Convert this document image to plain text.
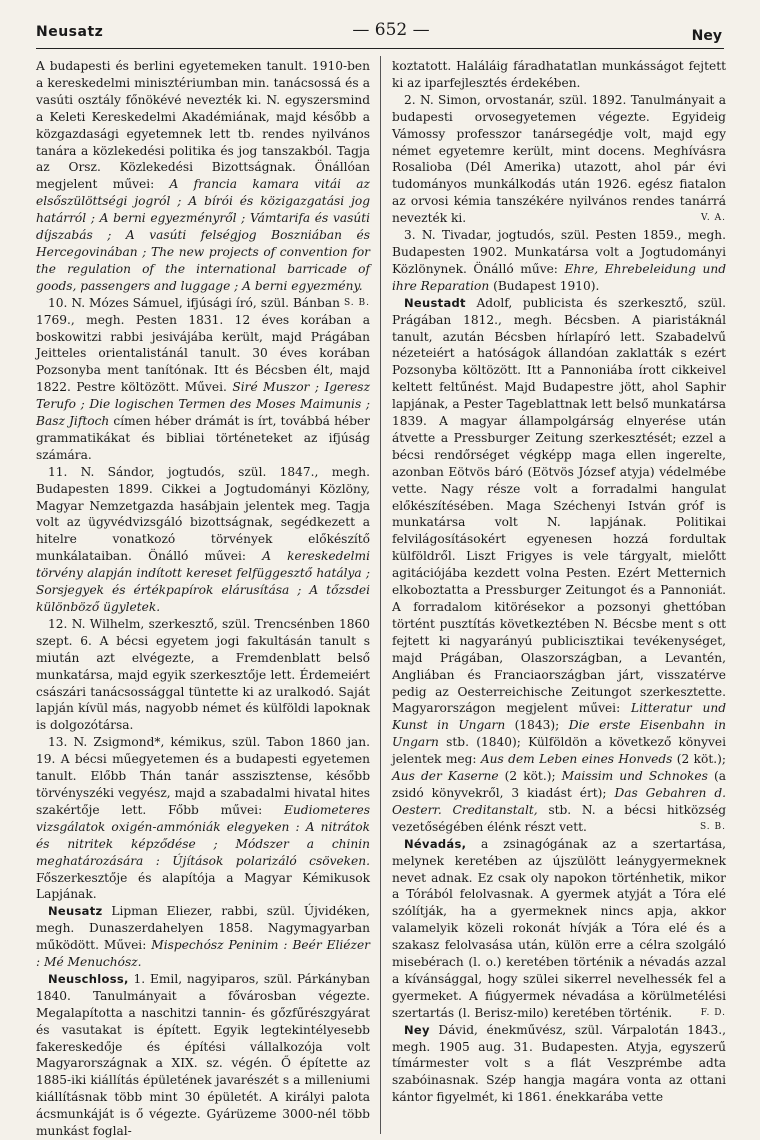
Neusatz	— 652 —	Ney

A budapesti és berlini egyetemeken tanult. 1910-ben a kereskedelmi minisztériumban min. tanácsossá és a vasúti osztály főnökévé nevezték ki. N. egyszersmind a Keleti Kereskedelmi Akadémiának, majd később a közgazdasági egyetemnek lett tb. rendes nyilvános tanára a közlekedési politika és jog tanszakból. Tagja az Orsz. Közlekedési Bizottságnak. Önállóan megjelent művei: A francia kamara vitái az elsőszülöttségi jogról ; A bírói és közigazgatási jog határról ; A berni egyezményről ; Vámtarifa és vasúti díjszabás ; A vasúti felségjog Boszniában és Hercegovinában ; The new projects of convention for the regulation of the international barricade of goods, passengers and luggage ; A berni egyezmény.
S. B.

10. N. Mózes Sámuel, ifjúsági író, szül. Bánban 1769., megh. Pesten 1831. 12 éves korában a boskowitzi rabbi jesivájába került, majd Prágában Jeitteles orientalistánál tanult. 30 éves korában Pozsonyba ment tanítónak. Itt és Bécsben élt, majd 1822. Pestre költözött. Művei. Siré Muszor ; Igeresz Terufo ; Die logischen Termen des Moses Maimunis ; Basz Jiftoch címen héber drámát is írt, továbbá héber grammatikákat és bibliai történeteket az ifjúság számára.

11. N. Sándor, jogtudós, szül. 1847., megh. Budapesten 1899. Cikkei a Jogtudományi Közlöny, Magyar Nemzetgazda hasábjain jelentek meg. Tagja volt az ügyvédvizsgáló bizottságnak, segédkezett a hitelre vonatkozó törvények előkészítő munkálataiban. Önálló művei: A kereskedelmi törvény alapján indított kereset felfüggesztő hatálya ; Sorsjegyek és értékpapírok elárusítása ; A tőzsdei különböző ügyletek.

12. N. Wilhelm, szerkesztő, szül. Trencsénben 1860 szept. 6. A bécsi egyetem jogi fakultásán tanult s miután azt elvégezte, a Fremdenblatt belső munkatársa, majd egyik szerkesztője lett. Érdemeiért császári tanácsossággal tüntette ki az uralkodó. Saját lapján kívül más, nagyobb német és külföldi lapoknak is dolgozótársa.

13. N. Zsigmond*, kémikus, szül. Tabon 1860 jan. 19. A bécsi műegyetemen és a budapesti egyetemen tanult. Előbb Thán tanár asszisztense, később törvényszéki vegyész, majd a szabadalmi hivatal hites szakértője lett. Főbb művei: Eudiometeres vizsgálatok oxigén-ammóniák elegyeken : A nitrátok és nitritek képződése ; Módszer a chinin meghatározására : Újítások polarizáló csöveken. Főszerkesztője és alapítója a Magyar Kémikusok Lapjának.

Neusatz Lipman Eliezer, rabbi, szül. Újvidéken, megh. Dunaszerdahelyen 1858. Nagymagyarban működött. Művei: Mispechósz Peninim : Beér Eliézer : Mé Menuchósz.

Neuschloss, 1. Emil, nagyiparos, szül. Párkányban 1840. Tanulmányait a fővárosban végezte. Megalapította a naschitzi tannin- és gőzfűrészgyárat és vasutakat is épített. Egyik legtekintélyesebb fakereskedője és építési vállalkozója volt Magyarországnak a XIX. sz. végén. Ő építette az 1885-iki kiállítás épületének javarészét s a milleniumi kiállításnak több mint 30 épületét. A királyi palota ácsmunkáját is ő végezte. Gyárüzeme 3000-nél több munkást foglal-

koztatott. Haláláig fáradhatatlan munkásságot fejtett ki az iparfejlesztés érdekében.

2. N. Simon, orvostanár, szül. 1892. Tanulmányait a budapesti orvosegyetemen végezte. Egyideig Vámossy professzor tanársegédje volt, majd egy német egyetemre került, mint docens. Meghívásra Rosalioba (Dél Amerika) utazott, ahol pár évi tudományos munkálkodás után 1926. egész fiatalon az orvosi kémia tanszékére nyilvános rendes tanárrá nevezték ki.	V. A.

3. N. Tivadar, jogtudós, szül. Pesten 1859., megh. Budapesten 1902. Munkatársa volt a Jogtudományi Közlönynek. Önálló műve: Ehre, Ehrebeleidung und ihre Reparation (Budapest 1910).

Neustadt Adolf, publicista és szerkesztő, szül. Prágában 1812., megh. Bécsben. A piaristáknál tanult, azután Bécsben hírlapíró lett. Szabadelvű nézeteiért a hatóságok állandóan zaklatták s ezért Pozsonyba költözött. Itt a Pannoniába írott cikkeivel keltett feltűnést. Majd Budapestre jött, ahol Saphir lapjának, a Pester Tageblattnak lett belső munkatársa 1839. A magyar állampolgárság elnyerése után átvette a Pressburger Zeitung szerkesztését; ezzel a bécsi rendőrséget végképp maga ellen ingerelte, azonban Eötvös báró (Eötvös József atyja) védelmébe vette. Nagy része volt a forradalmi hangulat előkészítésében. Maga Széchenyi István gróf is munkatársa volt N. lapjának. Politikai felvilágosításokért egyenesen hozzá fordultak külföldről. Liszt Frigyes is vele tárgyalt, mielőtt agitációjába kezdett volna Pesten. Ezért Metternich elkoboztatta a Pressburger Zeitungot és a Pannoniát. A forradalom kitörésekor a pozsonyi ghettóban történt pusztítás következtében N. Bécsbe ment s ott fejtett ki nagyarányú publicisztikai tevékenységet, majd Prágában, Olaszországban, a Levantén, Angliában és Franciaországban járt, visszatérve pedig az Oesterreichische Zeitungot szerkesztette. Magyarországon megjelent művei: Litteratur und Kunst in Ungarn (1843); Die erste Eisenbahn in Ungarn stb. (1840); Külföldön a következő könyvei jelentek meg: Aus dem Leben eines Honveds (2 köt.); Aus der Kaserne (2 köt.); Maissim und Schnokes (a zsidó könyvekről, 3 kiadást ért); Das Gebahren d. Oesterr. Creditanstalt, stb. N. a bécsi hitközség vezetőségében élénk részt vett.	S. B.

Névadás, a zsinagógának az a szertartása, melynek keretében az újszülött leánygyermeknek nevet adnak. Ez csak oly napokon történhetik, mikor a Tórából felolvasnak. A gyermek atyját a Tóra elé szólítják, ha a gyermeknek nincs apja, akkor valamelyik közeli rokonát hívják a Tóra elé és a szakasz felolvasása után, külön erre a célra szolgáló misebérach (l. o.) keretében történik a névadás azzal a kívánsággal, hogy szülei sikerrel nevelhessék fel a gyermeket. A fiúgyermek névadása a körülmetélési szertartás (l. Berisz-milo) keretében történik.	F. D.

Ney Dávid, énekművész, szül. Várpalotán 1843., megh. 1905 aug. 31. Budapesten. Atyja, egyszerű tímármester volt s a flát Veszprémbe adta szabóinasnak. Szép hangja magára vonta az ottani kántor figyelmét, ki 1861. énekkarába vette
